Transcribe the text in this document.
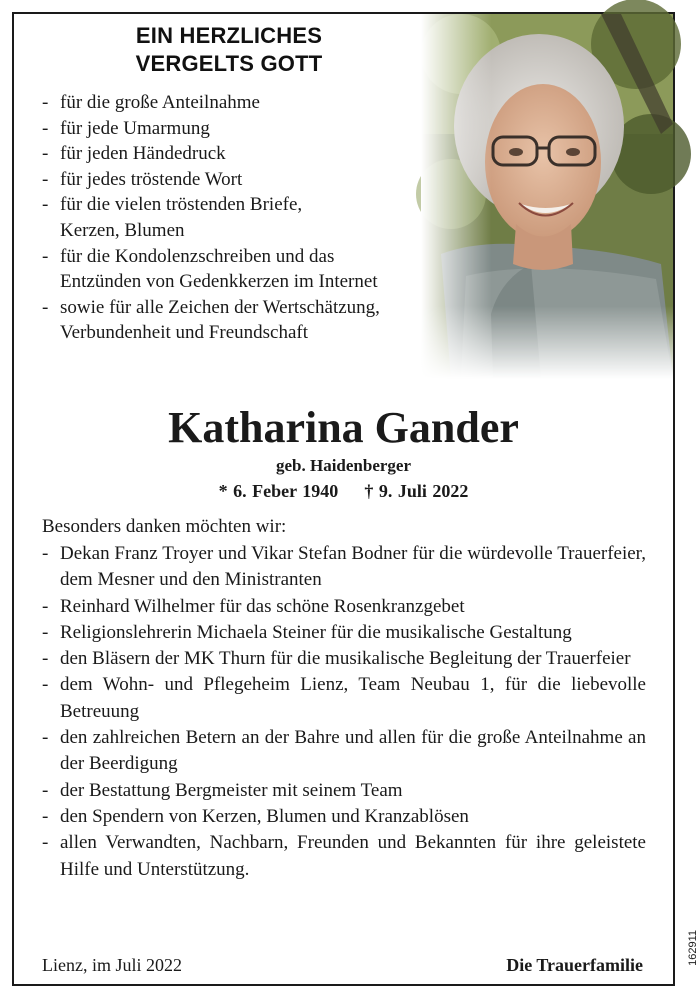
EIN HERZLICHES
VERGELTS GOTT
- für die große Anteilnahme
- für jede Umarmung
- für jeden Händedruck
- für jedes tröstende Wort
- für die vielen tröstenden Briefe, Kerzen, Blumen
- für die Kondolenzschreiben und das Entzünden von Gedenkkerzen im Internet
- sowie für alle Zeichen der Wertschätzung, Verbundenheit und Freundschaft
Katharina Gander
geb. Haidenberger
* 6. Feber 1940 † 9. Juli 2022
Besonders danken möchten wir:
- Dekan Franz Troyer und Vikar Stefan Bodner für die würdevolle Trauerfeier, dem Mesner und den Ministranten
- Reinhard Wilhelmer für das schöne Rosenkranzgebet
- Religionslehrerin Michaela Steiner für die musikalische Gestaltung
- den Bläsern der MK Thurn für die musikalische Begleitung der Trauerfeier
- dem Wohn- und Pflegeheim Lienz, Team Neubau 1, für die liebevolle Betreuung
- den zahlreichen Betern an der Bahre und allen für die große Anteilnahme an der Beerdigung
- der Bestattung Bergmeister mit seinem Team
- den Spendern von Kerzen, Blumen und Kranzablösen
- allen Verwandten, Nachbarn, Freunden und Bekannten für ihre geleistete Hilfe und Unterstützung.
Lienz, im Juli 2022	Die Trauerfamilie	162911
